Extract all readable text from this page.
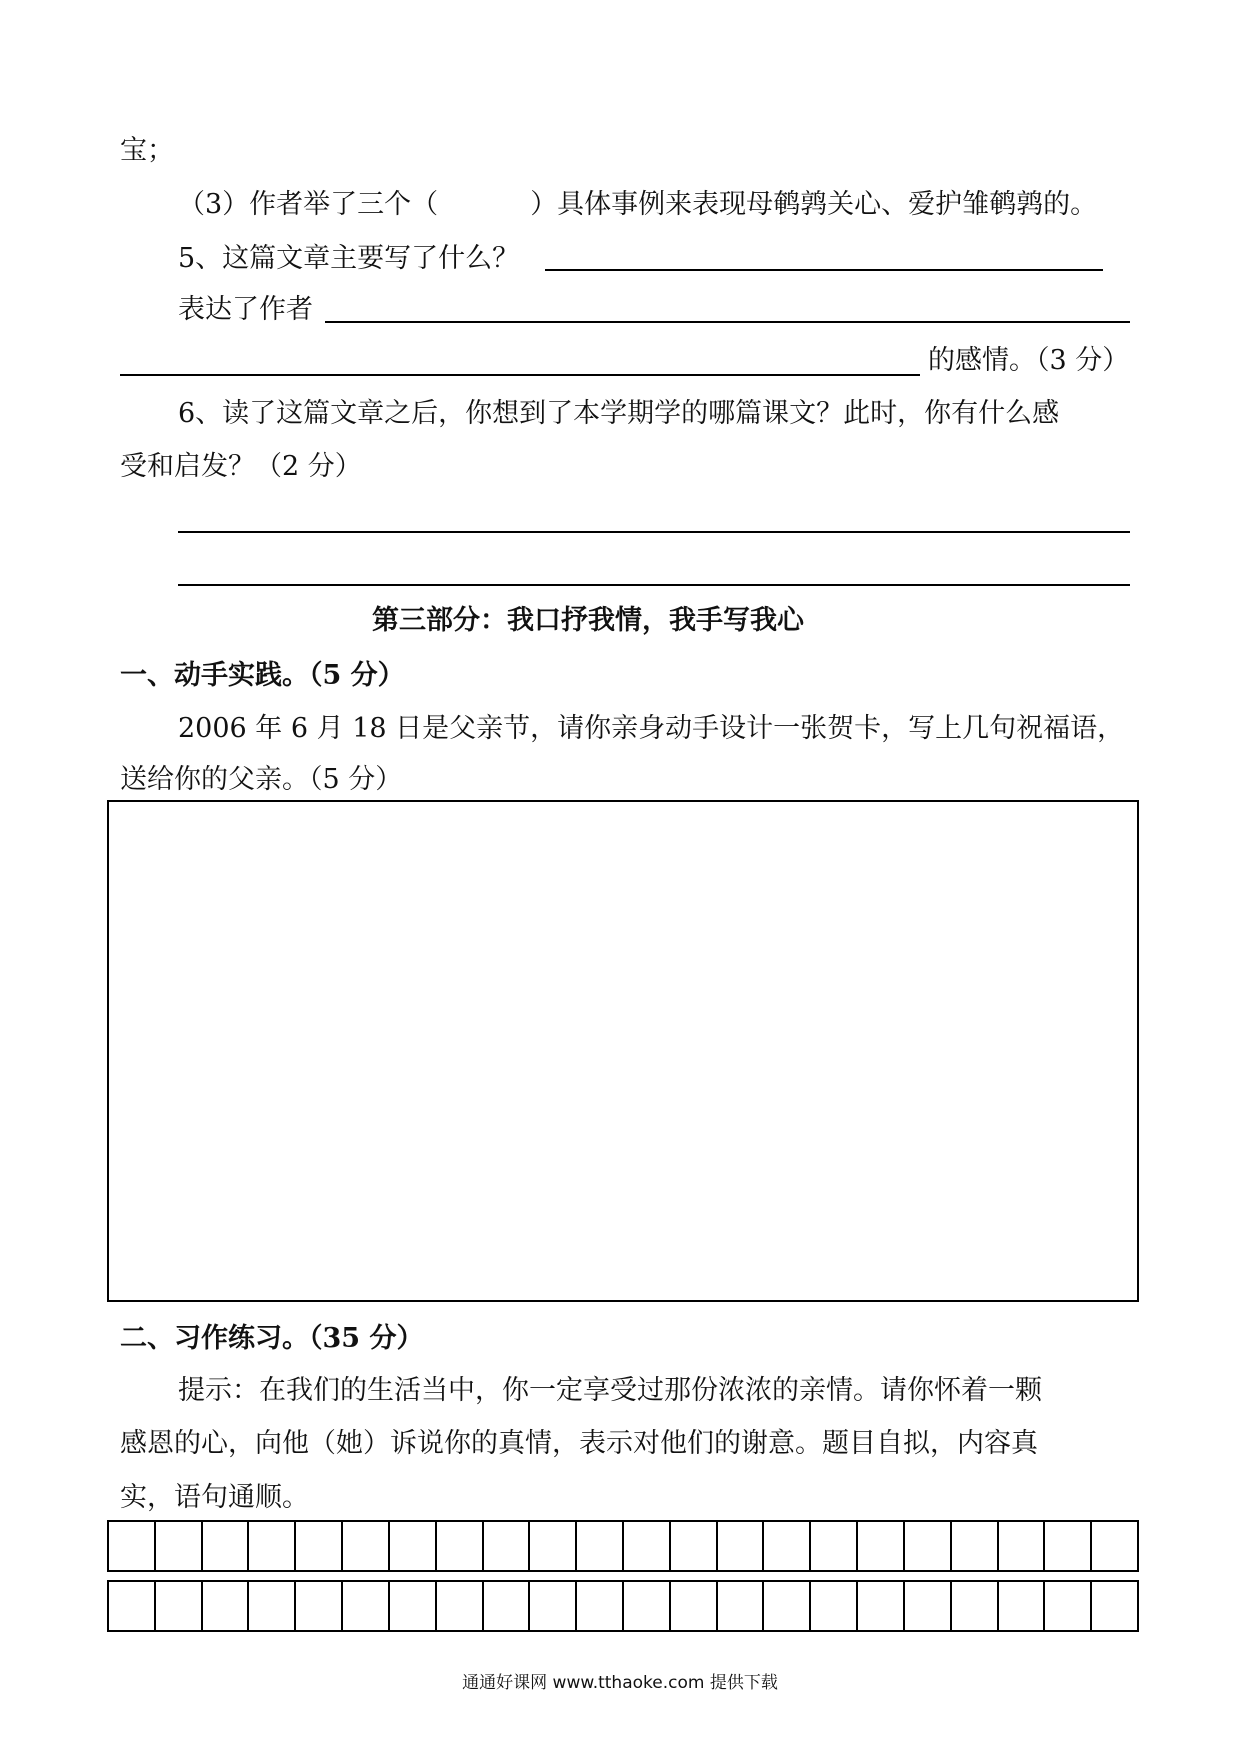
宝；
（3）作者举了三个（	）具体事例来表现母鹌鹑关心、爱护雏鹌鹑的。
5、这篇文章主要写了什么？
表达了作者
的感情。（3 分）
6、读了这篇文章之后，你想到了本学期学的哪篇课文？此时，你有什么感
受和启发？（2 分）
第三部分：我口抒我情，我手写我心
一、动手实践。（5 分）
2006 年 6 月 18 日是父亲节，请你亲身动手设计一张贺卡，写上几句祝福语，
送给你的父亲。（5 分）
二、习作练习。（35 分）
提示：在我们的生活当中，你一定享受过那份浓浓的亲情。请你怀着一颗
感恩的心，向他（她）诉说你的真情，表示对他们的谢意。题目自拟，内容真
实，语句通顺。
通通好课网 www.tthaoke.com 提供下载
